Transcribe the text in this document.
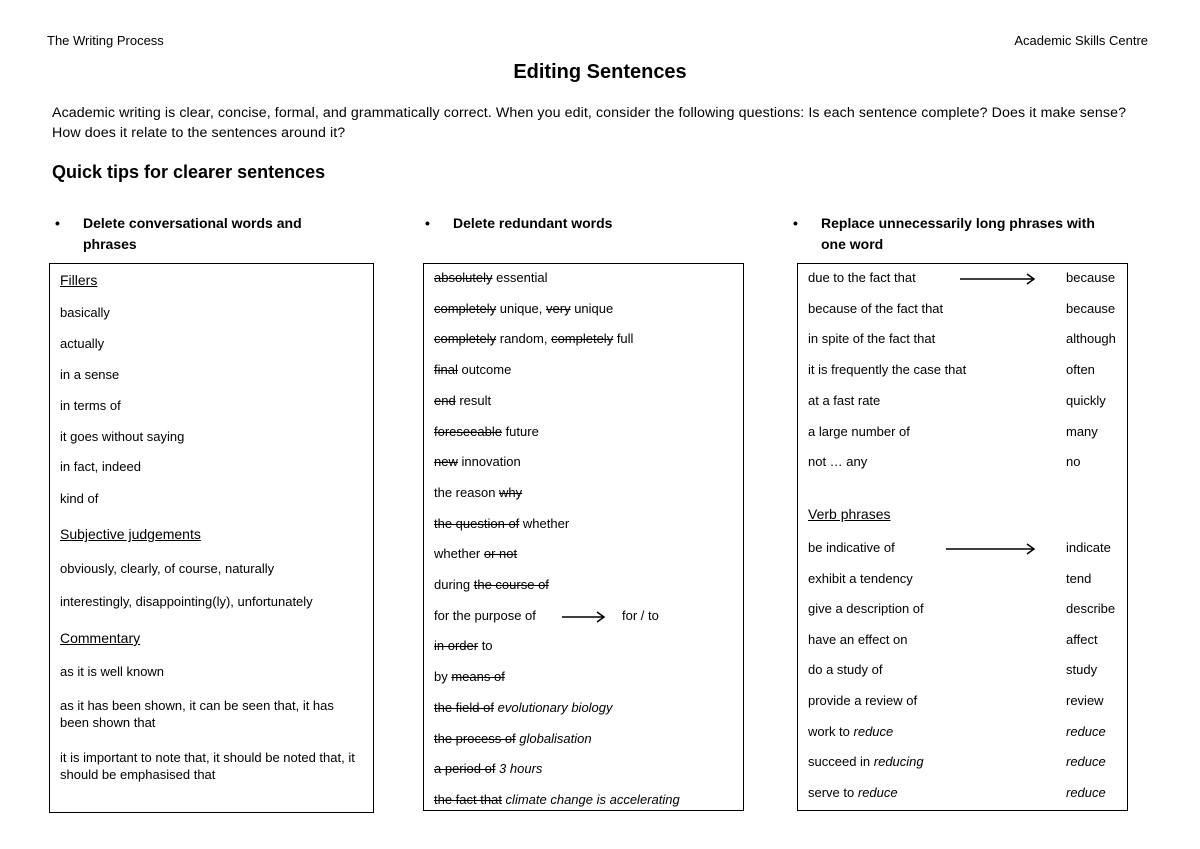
The Writing Process	Academic Skills Centre
Editing Sentences
Academic writing is clear, concise, formal, and grammatically correct. When you edit, consider the following questions: Is each sentence complete? Does it make sense? How does it relate to the sentences around it?
Quick tips for clearer sentences
• Delete conversational words and phrases
Fillers
basically
actually
in a sense
in terms of
it goes without saying
in fact, indeed
kind of
Subjective judgements
obviously, clearly, of course, naturally
interestingly, disappointing(ly), unfortunately
Commentary
as it is well known
as it has been shown, it can be seen that, it has been shown that
it is important to note that, it should be noted that, it should be emphasised that
• Delete redundant words
absolutely essential
completely unique, very unique
completely random, completely full
final outcome
end result
foreseeable future
new innovation
the reason why
the question of whether
whether or not
during the course of
for the purpose of	for / to
in order to
by means of
the field of evolutionary biology
the process of globalisation
a period of 3 hours
the fact that climate change is accelerating
• Replace unnecessarily long phrases with one word
due to the fact that	because
because of the fact that	because
in spite of the fact that	although
it is frequently the case that	often
at a fast rate	quickly
a large number of	many
not … any	no
Verb phrases
be indicative of	indicate
exhibit a tendency	tend
give a description of	describe
have an effect on	affect
do a study of	study
provide a review of	review
work to reduce	reduce
succeed in reducing	reduce
serve to reduce	reduce
